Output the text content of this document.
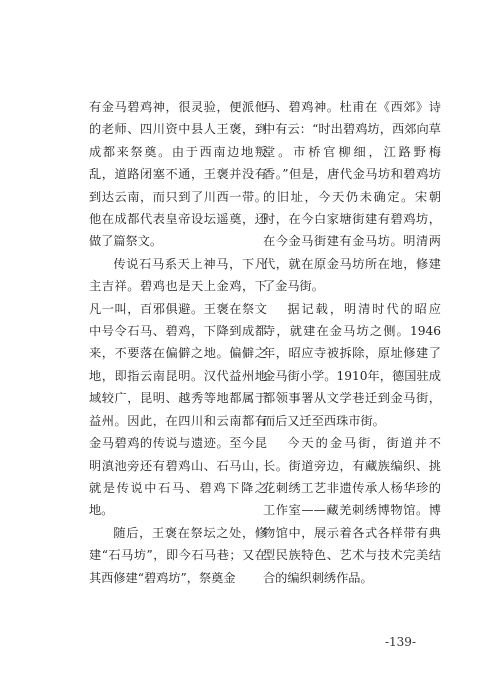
有金马碧鸡神，很灵验，便派他的老师、四川资中县人王褒，到成都来祭奠。由于西南边地叛乱，道路闭塞不通，王褒并没有到达云南，而只到了川西一带。他在成都代表皇帝设坛遥奠，还做了篇祭文。

传说石马系天上神马，下凡主吉祥。碧鸡也是天上金鸡，下凡一叫，百邪俱避。王褒在祭文中号令石马、碧鸡，下降到成都来，不要落在偏僻之地。偏僻之地，即指云南昆明。汉代益州地域较广，昆明、越秀等地都属于益州。因此，在四川和云南都有金马碧鸡的传说与遗迹。至今昆明滇池旁还有碧鸡山、石马山，就是传说中石马、碧鸡下降之地。

随后，王褒在祭坛之处，修建“石马坊”，即今石马巷；又在其西修建“碧鸡坊”，祭奠金

马、碧鸡神。杜甫在《西郊》诗中有云：“时出碧鸡坊，西郊向草堂。市桥官柳细，江路野梅香。”但是，唐代金马坊和碧鸡坊的旧址，今天仍未确定。宋朝时，在今白家塘街建有碧鸡坊，在今金马街建有金马坊。明清两代，就在原金马坊所在地，修建了金马街。

据记载，明清时代的昭应寺，就建在金马坊之侧。1946年，昭应寺被拆除，原址修建了金马街小学。1910年，德国驻成都领事署从文学巷迁到金马街，而后又迁至西珠市街。

今天的金马街，街道并不长。街道旁边，有藏族编织、挑花刺绣工艺非遗传承人杨华珍的工作室——藏羌刺绣博物馆。博物馆中，展示着各式各样带有典型民族特色、艺术与技术完美结合的编织刺绣作品。

-139-
